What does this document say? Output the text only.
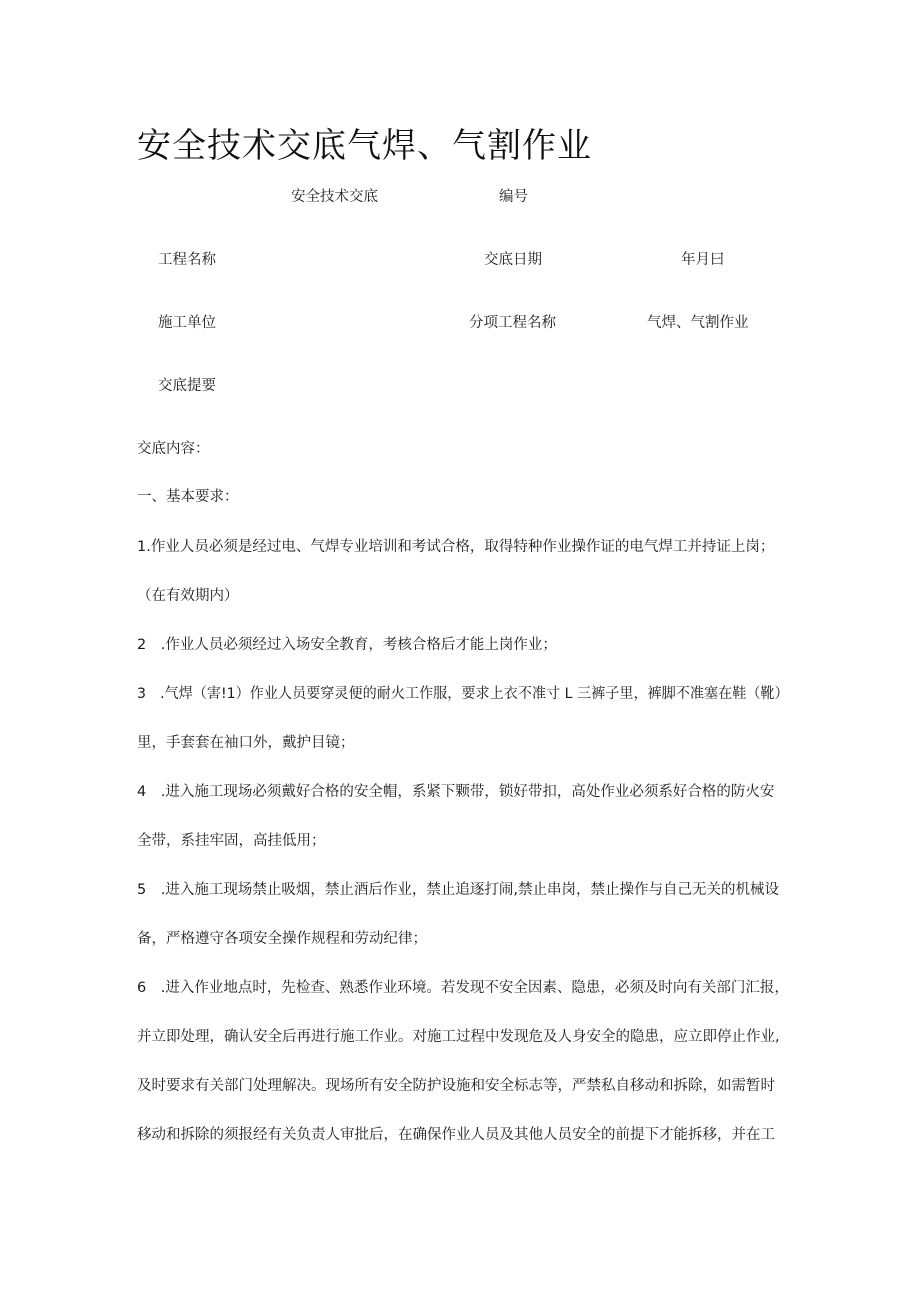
安全技术交底气焊、气割作业
安全技术交底	编号
工程名称	交底日期	年月曰
施工单位	分项工程名称	气焊、气割作业
交底提要
交底内容：
一、基本要求：
1.作业人员必须是经过电、气焊专业培训和考试合格，取得特种作业操作证的电气焊工并持证上岗；
（在有效期内）
2　.作业人员必须经过入场安全教育，考核合格后才能上岗作业；
3　.气焊（害!1）作业人员要穿灵便的耐火工作服，要求上衣不准寸 L 三裤子里，裤脚不准塞在鞋（靴）
里，手套套在袖口外，戴护目镜；
4　.进入施工现场必须戴好合格的安全帽，系紧下颗带，锁好带扣，高处作业必须系好合格的防火安
全带，系挂牢固，高挂低用；
5　.进入施工现场禁止吸烟，禁止酒后作业，禁止追逐打闹,禁止串岗，禁止操作与自己无关的机械设
备，严格遵守各项安全操作规程和劳动纪律；
6　.进入作业地点时，先检查、熟悉作业环境。若发现不安全因素、隐患，必须及时向有关部门汇报，
并立即处理，确认安全后再进行施工作业。对施工过程中发现危及人身安全的隐患，应立即停止作业,
及时要求有关部门处理解决。现场所有安全防护设施和安全标志等，严禁私自移动和拆除，如需暂时
移动和拆除的须报经有关负责人审批后，在确保作业人员及其他人员安全的前提下才能拆移，并在工
